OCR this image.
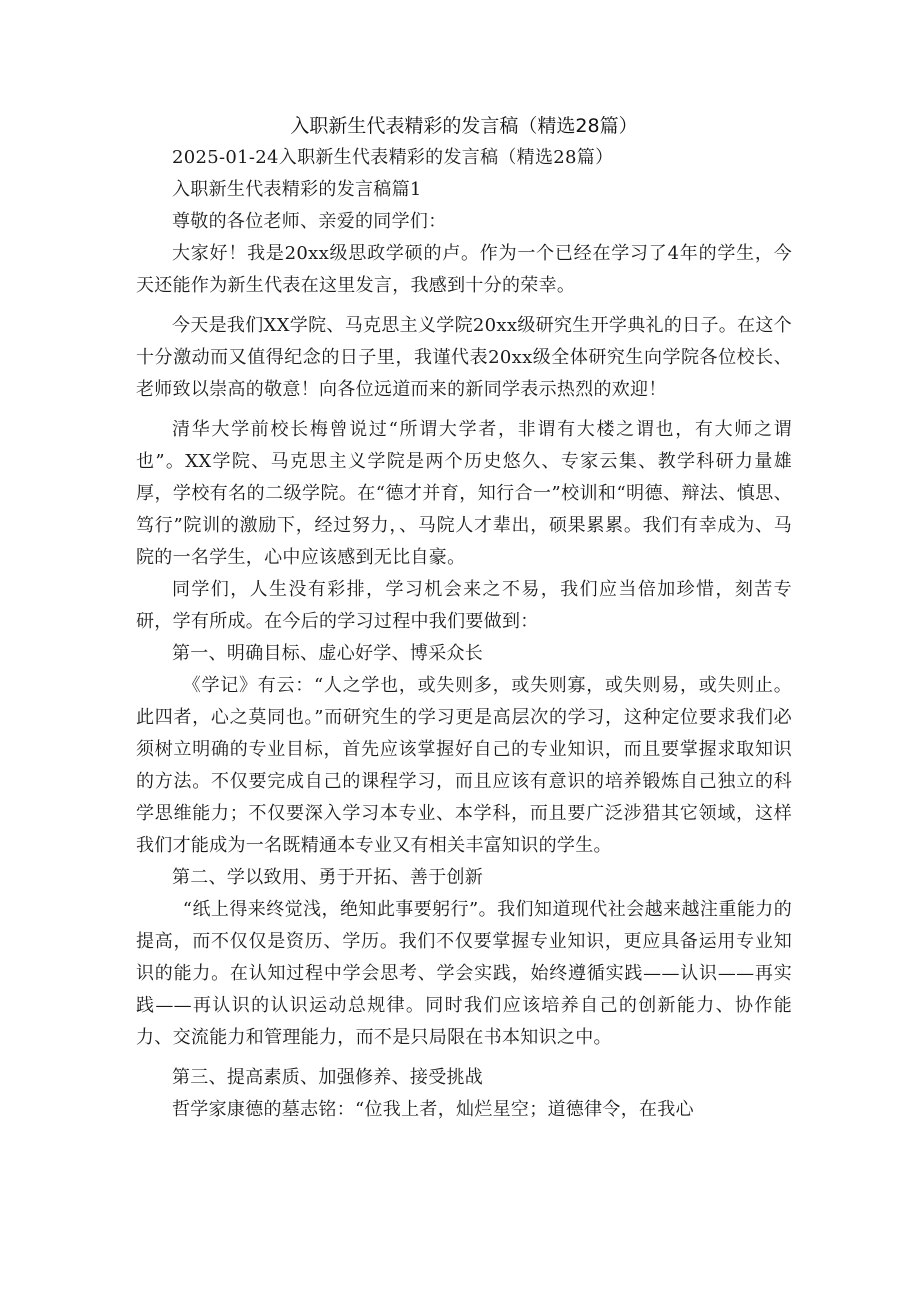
入职新生代表精彩的发言稿（精选28篇）

2025-01-24入职新生代表精彩的发言稿（精选28篇）

入职新生代表精彩的发言稿篇1

尊敬的各位老师、亲爱的同学们：

大家好！我是20xx级思政学硕的卢。作为一个已经在学习了4年的学生，今天还能作为新生代表在这里发言，我感到十分的荣幸。

今天是我们XX学院、马克思主义学院20xx级研究生开学典礼的日子。在这个十分激动而又值得纪念的日子里，我谨代表20xx级全体研究生向学院各位校长、老师致以崇高的敬意！向各位远道而来的新同学表示热烈的欢迎！

清华大学前校长梅曾说过“所谓大学者，非谓有大楼之谓也，有大师之谓也”。XX学院、马克思主义学院是两个历史悠久、专家云集、教学科研力量雄厚，学校有名的二级学院。在“德才并育，知行合一”校训和“明德、辩法、慎思、笃行”院训的激励下，经过努力，、马院人才辈出，硕果累累。我们有幸成为、马院的一名学生，心中应该感到无比自豪。

同学们，人生没有彩排，学习机会来之不易，我们应当倍加珍惜，刻苦专研，学有所成。在今后的学习过程中我们要做到：

第一、明确目标、虚心好学、博采众长

《学记》有云：“人之学也，或失则多，或失则寡，或失则易，或失则止。此四者，心之莫同也。”而研究生的学习更是高层次的学习，这种定位要求我们必须树立明确的专业目标，首先应该掌握好自己的专业知识，而且要掌握求取知识的方法。不仅要完成自己的课程学习，而且应该有意识的培养锻炼自己独立的科学思维能力；不仅要深入学习本专业、本学科，而且要广泛涉猎其它领域，这样我们才能成为一名既精通本专业又有相关丰富知识的学生。

第二、学以致用、勇于开拓、善于创新

“纸上得来终觉浅，绝知此事要躬行”。我们知道现代社会越来越注重能力的提高，而不仅仅是资历、学历。我们不仅要掌握专业知识，更应具备运用专业知识的能力。在认知过程中学会思考、学会实践，始终遵循实践——认识——再实践——再认识的认识运动总规律。同时我们应该培养自己的创新能力、协作能力、交流能力和管理能力，而不是只局限在书本知识之中。

第三、提高素质、加强修养、接受挑战

哲学家康德的墓志铭：“位我上者，灿烂星空；道德律令，在我心
